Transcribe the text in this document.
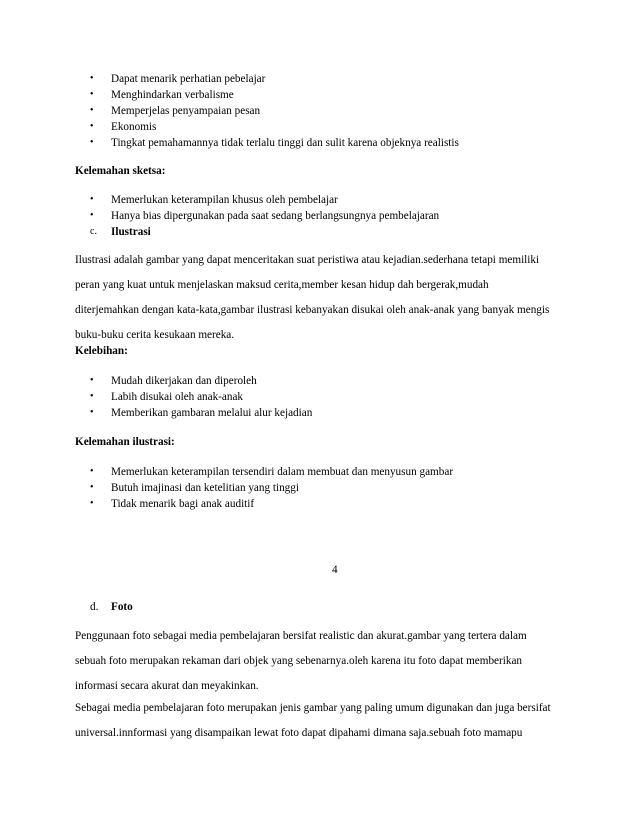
• Dapat menarik perhatian pebelajar
• Menghindarkan verbalisme
• Memperjelas penyampaian pesan
• Ekonomis
• Tingkat pemahamannya tidak terlalu tinggi dan sulit karena objeknya realistis
Kelemahan sketsa:
• Memerlukan keterampilan khusus oleh pembelajar
• Hanya bias dipergunakan pada saat sedang berlangsungnya pembelajaran
c. Ilustrasi
Ilustrasi adalah gambar yang dapat menceritakan suat peristiwa atau kejadian.sederhana tetapi memiliki
peran yang kuat untuk menjelaskan maksud cerita,member kesan hidup dah bergerak,mudah
diterjemahkan dengan kata-kata,gambar ilustrasi kebanyakan disukai oleh anak-anak yang banyak mengis
buku-buku cerita kesukaan mereka.
Kelebihan:
• Mudah dikerjakan dan diperoleh
• Labih disukai oleh anak-anak
• Memberikan gambaran melalui alur kejadian
Kelemahan ilustrasi:
• Memerlukan keterampilan tersendiri dalam membuat dan menyusun gambar
• Butuh imajinasi dan ketelitian yang tinggi
• Tidak menarik bagi anak auditif
4
d. Foto
Penggunaan foto sebagai media pembelajaran bersifat realistic dan akurat.gambar yang tertera dalam
sebuah foto merupakan rekaman dari objek yang sebenarnya.oleh karena itu foto dapat memberikan
informasi secara akurat dan meyakinkan.
Sebagai media pembelajaran foto merupakan jenis gambar yang paling umum digunakan dan juga bersifat
universal.innformasi yang disampaikan lewat foto dapat dipahami dimana saja.sebuah foto mamapu
